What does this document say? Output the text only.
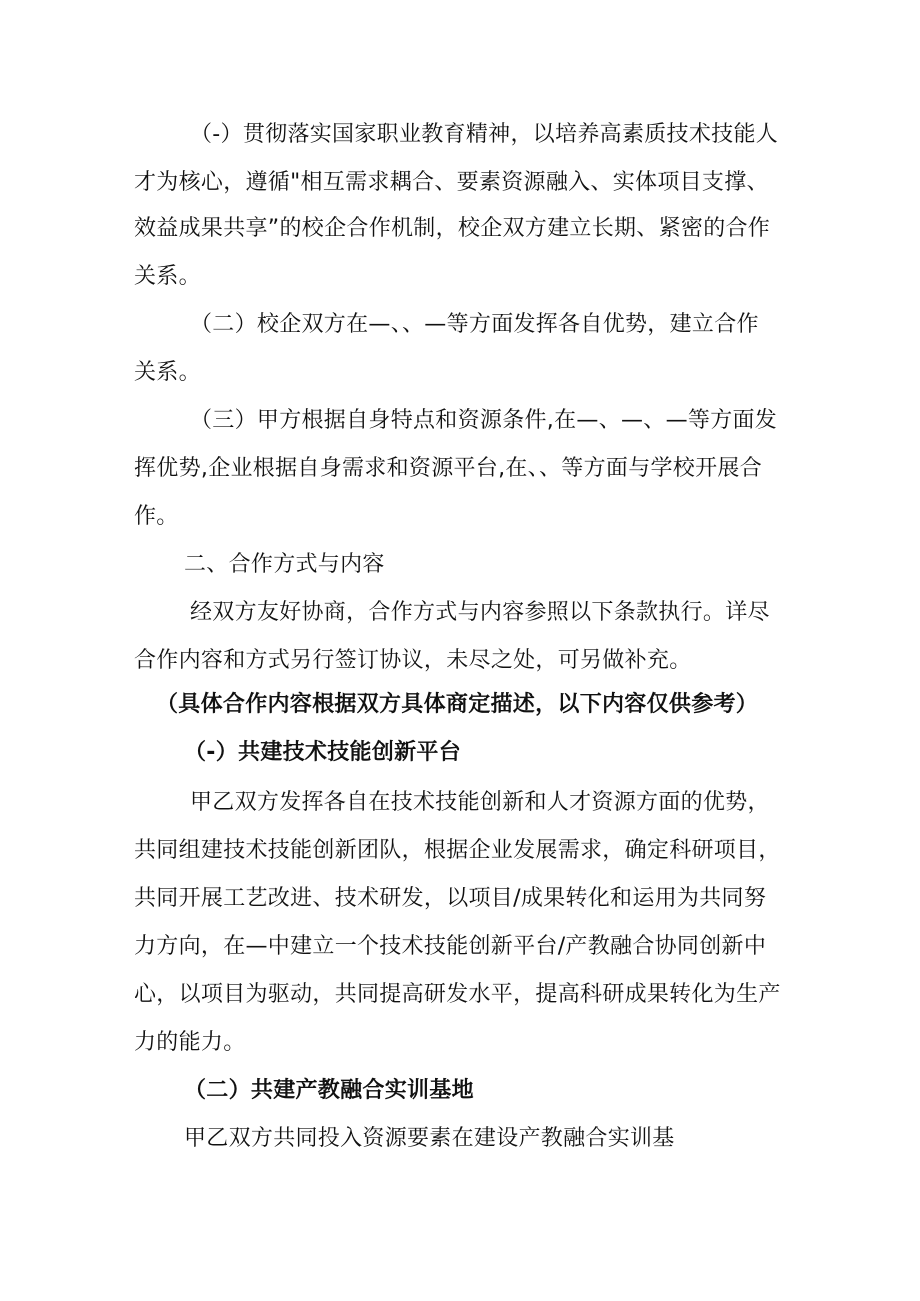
（-）贯彻落实国家职业教育精神，以培养高素质技术技能人
才为核心，遵循"相互需求耦合、要素资源融入、实体项目支撑、
效益成果共享”的校企合作机制，校企双方建立长期、紧密的合作
关系。
（二）校企双方在—、、—等方面发挥各自优势，建立合作
关系。
（三）甲方根据自身特点和资源条件,在—、—、—等方面发
挥优势,企业根据自身需求和资源平台,在、、等方面与学校开展合
作。
二、合作方式与内容
经双方友好协商，合作方式与内容参照以下条款执行。详尽
合作内容和方式另行签订协议，未尽之处，可另做补充。
（具体合作内容根据双方具体商定描述，以下内容仅供参考）
（-）共建技术技能创新平台
甲乙双方发挥各自在技术技能创新和人才资源方面的优势，
共同组建技术技能创新团队，根据企业发展需求，确定科研项目，
共同开展工艺改进、技术研发，以项目/成果转化和运用为共同努
力方向，在—中建立一个技术技能创新平台/产教融合协同创新中
心，以项目为驱动，共同提高研发水平，提高科研成果转化为生产
力的能力。
（二）共建产教融合实训基地
甲乙双方共同投入资源要素在建设产教融合实训基
